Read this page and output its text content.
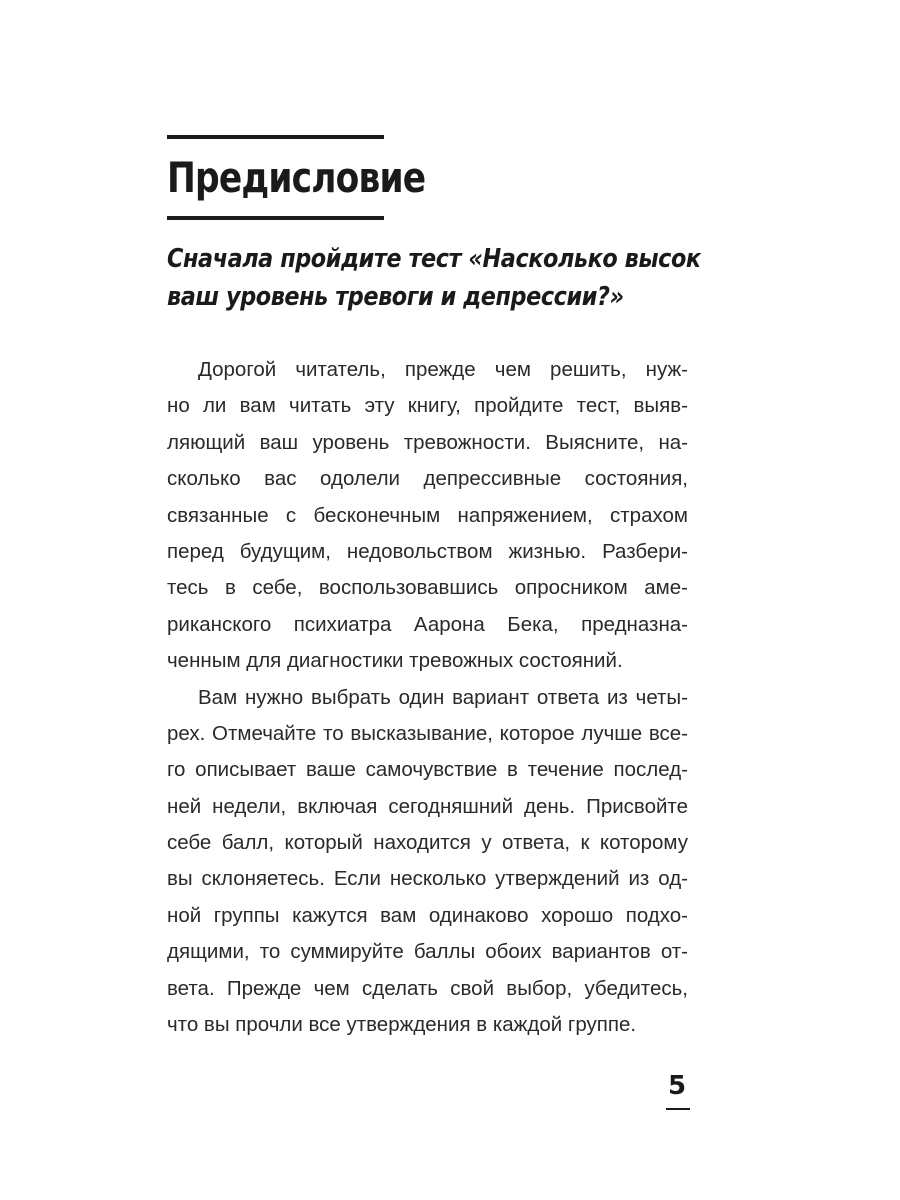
Предисловие
Сначала пройдите тест «Насколько высок
ваш уровень тревоги и депрессии?»
Дорогой читатель, прежде чем решить, нуж-
но ли вам читать эту книгу, пройдите тест, выяв-
ляющий ваш уровень тревожности. Выясните, на-
сколько вас одолели депрессивные состояния,
связанные с бесконечным напряжением, страхом
перед будущим, недовольством жизнью. Разбери-
тесь в себе, воспользовавшись опросником аме-
риканского психиатра Аарона Бека, предназна-
ченным для диагностики тревожных состояний.
Вам нужно выбрать один вариант ответа из четы-
рех. Отмечайте то высказывание, которое лучше все-
го описывает ваше самочувствие в течение послед-
ней недели, включая сегодняшний день. Присвойте
себе балл, который находится у ответа, к которому
вы склоняетесь. Если несколько утверждений из од-
ной группы кажутся вам одинаково хорошо подхо-
дящими, то суммируйте баллы обоих вариантов от-
вета. Прежде чем сделать свой выбор, убедитесь,
что вы прочли все утверждения в каждой группе.
5
